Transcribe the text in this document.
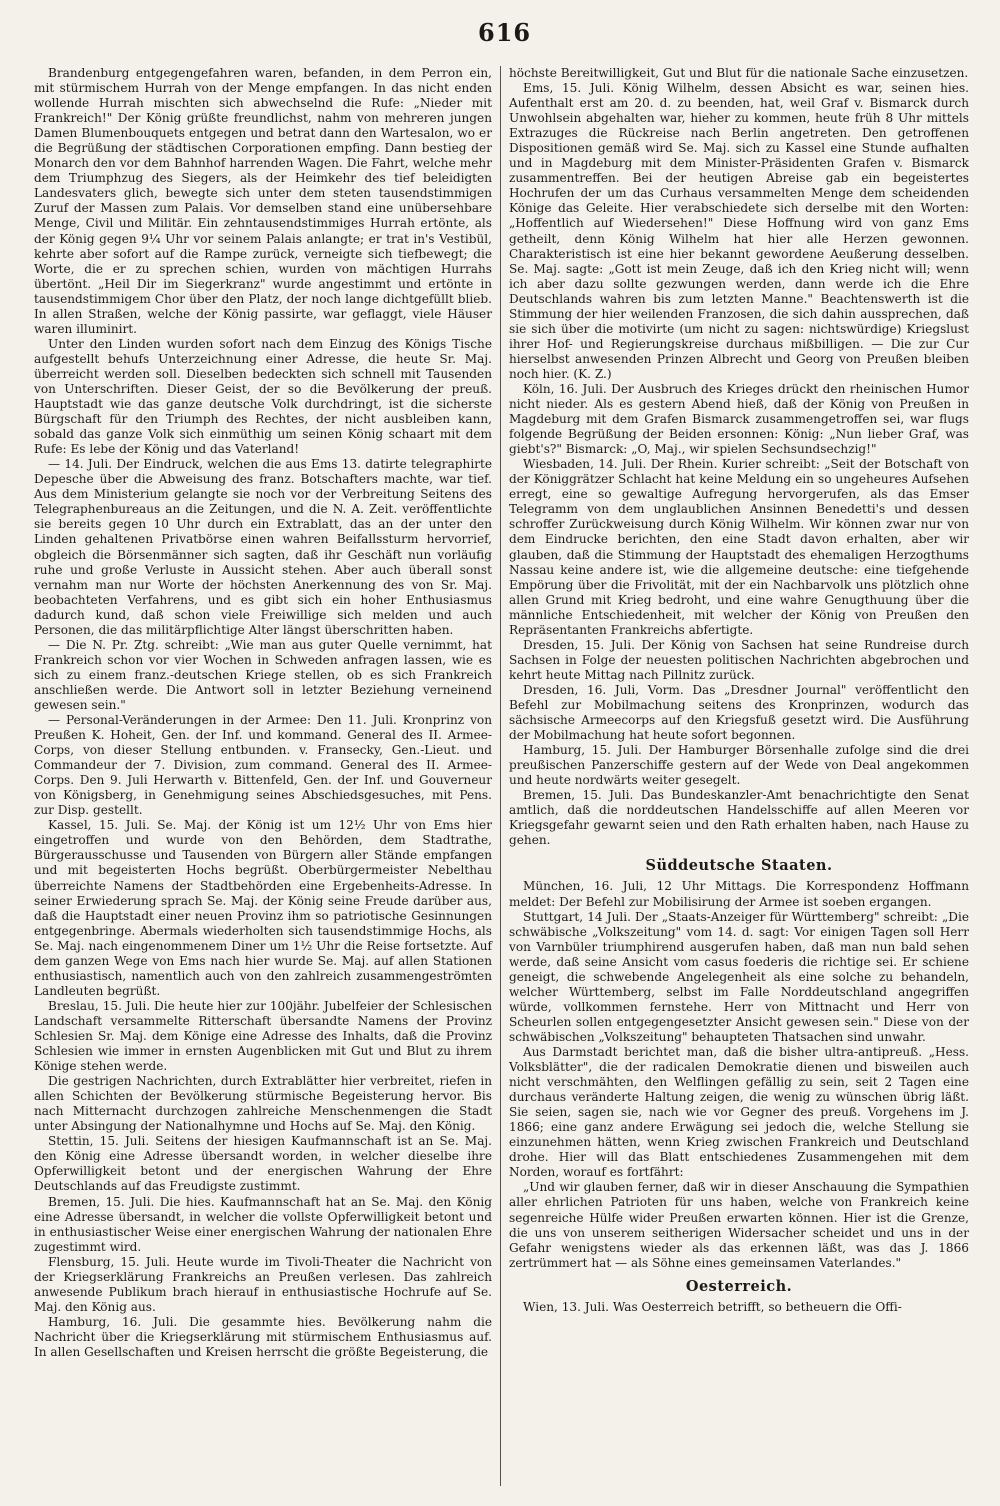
616

Brandenburg entgegengefahren waren, befanden, in dem Perron ein, mit stürmischem Hurrah von der Menge empfangen. In das nicht enden wollende Hurrah mischten sich abwechselnd die Rufe: „Nieder mit Frankreich!" Der König grüßte freundlichst, nahm von mehreren jungen Damen Blumenbouquets entgegen und betrat dann den Wartesalon, wo er die Begrüßung der städtischen Corporationen empfing. Dann bestieg der Monarch den vor dem Bahnhof harrenden Wagen. Die Fahrt, welche mehr dem Triumphzug des Siegers, als der Heimkehr des tief beleidigten Landesvaters glich, bewegte sich unter dem steten tausendstimmigen Zuruf der Massen zum Palais. Vor demselben stand eine unübersehbare Menge, Civil und Militär. Ein zehntausendstimmiges Hurrah ertönte, als der König gegen 9¼ Uhr vor seinem Palais anlangte; er trat in's Vestibül, kehrte aber sofort auf die Rampe zurück, verneigte sich tiefbewegt; die Worte, die er zu sprechen schien, wurden von mächtigen Hurrahs übertönt. „Heil Dir im Siegerkranz" wurde angestimmt und ertönte in tausendstimmigem Chor über den Platz, der noch lange dichtgefüllt blieb. In allen Straßen, welche der König passirte, war geflaggt, viele Häuser waren illuminirt.

Unter den Linden wurden sofort nach dem Einzug des Königs Tische aufgestellt behufs Unterzeichnung einer Adresse, die heute Sr. Maj. überreicht werden soll. Dieselben bedeckten sich schnell mit Tausenden von Unterschriften. Dieser Geist, der so die Bevölkerung der preuß. Hauptstadt wie das ganze deutsche Volk durchdringt, ist die sicherste Bürgschaft für den Triumph des Rechtes, der nicht ausbleiben kann, sobald das ganze Volk sich einmüthig um seinen König schaart mit dem Rufe: Es lebe der König und das Vaterland!

— 14. Juli. Der Eindruck, welchen die aus Ems 13. datirte telegraphirte Depesche über die Abweisung des franz. Botschafters machte, war tief. Aus dem Ministerium gelangte sie noch vor der Verbreitung Seitens des Telegraphenbureaus an die Zeitungen, und die N. A. Zeit. veröffentlichte sie bereits gegen 10 Uhr durch ein Extrablatt, das an der unter den Linden gehaltenen Privatbörse einen wahren Beifallssturm hervorrief, obgleich die Börsenmänner sich sagten, daß ihr Geschäft nun vorläufig ruhe und große Verluste in Aussicht stehen. Aber auch überall sonst vernahm man nur Worte der höchsten Anerkennung des von Sr. Maj. beobachteten Verfahrens, und es gibt sich ein hoher Enthusiasmus dadurch kund, daß schon viele Freiwillige sich melden und auch Personen, die das militärpflichtige Alter längst überschritten haben.

— Die N. Pr. Ztg. schreibt: „Wie man aus guter Quelle vernimmt, hat Frankreich schon vor vier Wochen in Schweden anfragen lassen, wie es sich zu einem franz.-deutschen Kriege stellen, ob es sich Frankreich anschließen werde. Die Antwort soll in letzter Beziehung verneinend gewesen sein."

— Personal-Veränderungen in der Armee: Den 11. Juli. Kronprinz von Preußen K. Hoheit, Gen. der Inf. und kommand. General des II. Armee-Corps, von dieser Stellung entbunden. v. Fransecky, Gen.-Lieut. und Commandeur der 7. Division, zum command. General des II. Armee-Corps. Den 9. Juli Herwarth v. Bittenfeld, Gen. der Inf. und Gouverneur von Königsberg, in Genehmigung seines Abschiedsgesuches, mit Pens. zur Disp. gestellt.

Kassel, 15. Juli. Se. Maj. der König ist um 12½ Uhr von Ems hier eingetroffen und wurde von den Behörden, dem Stadtrathe, Bürgerausschusse und Tausenden von Bürgern aller Stände empfangen und mit begeisterten Hochs begrüßt. Oberbürgermeister Nebelthau überreichte Namens der Stadtbehörden eine Ergebenheits-Adresse. In seiner Erwiederung sprach Se. Maj. der König seine Freude darüber aus, daß die Hauptstadt einer neuen Provinz ihm so patriotische Gesinnungen entgegenbringe. Abermals wiederholten sich tausendstimmige Hochs, als Se. Maj. nach eingenommenem Diner um 1½ Uhr die Reise fortsetzte. Auf dem ganzen Wege von Ems nach hier wurde Se. Maj. auf allen Stationen enthusiastisch, namentlich auch von den zahlreich zusammengeströmten Landleuten begrüßt.

Breslau, 15. Juli. Die heute hier zur 100jähr. Jubelfeier der Schlesischen Landschaft versammelte Ritterschaft übersandte Namens der Provinz Schlesien Sr. Maj. dem Könige eine Adresse des Inhalts, daß die Provinz Schlesien wie immer in ernsten Augenblicken mit Gut und Blut zu ihrem Könige stehen werde.

Die gestrigen Nachrichten, durch Extrablätter hier verbreitet, riefen in allen Schichten der Bevölkerung stürmische Begeisterung hervor. Bis nach Mitternacht durchzogen zahlreiche Menschenmengen die Stadt unter Absingung der Nationalhymne und Hochs auf Se. Maj. den König.

Stettin, 15. Juli. Seitens der hiesigen Kaufmannschaft ist an Se. Maj. den König eine Adresse übersandt worden, in welcher dieselbe ihre Opferwilligkeit betont und der energischen Wahrung der Ehre Deutschlands auf das Freudigste zustimmt.

Bremen, 15. Juli. Die hies. Kaufmannschaft hat an Se. Maj. den König eine Adresse übersandt, in welcher die vollste Opferwilligkeit betont und in enthusiastischer Weise einer energischen Wahrung der nationalen Ehre zugestimmt wird.

Flensburg, 15. Juli. Heute wurde im Tivoli-Theater die Nachricht von der Kriegserklärung Frankreichs an Preußen verlesen. Das zahlreich anwesende Publikum brach hierauf in enthusiastische Hochrufe auf Se. Maj. den König aus.

Hamburg, 16. Juli. Die gesammte hies. Bevölkerung nahm die Nachricht über die Kriegserklärung mit stürmischem Enthusiasmus auf. In allen Gesellschaften und Kreisen herrscht die größte Begeisterung, die

höchste Bereitwilligkeit, Gut und Blut für die nationale Sache einzusetzen.

Ems, 15. Juli. König Wilhelm, dessen Absicht es war, seinen hies. Aufenthalt erst am 20. d. zu beenden, hat, weil Graf v. Bismarck durch Unwohlsein abgehalten war, hieher zu kommen, heute früh 8 Uhr mittels Extrazuges die Rückreise nach Berlin angetreten. Den getroffenen Dispositionen gemäß wird Se. Maj. sich zu Kassel eine Stunde aufhalten und in Magdeburg mit dem Minister-Präsidenten Grafen v. Bismarck zusammentreffen. Bei der heutigen Abreise gab ein begeistertes Hochrufen der um das Curhaus versammelten Menge dem scheidenden Könige das Geleite. Hier verabschiedete sich derselbe mit den Worten: „Hoffentlich auf Wiedersehen!" Diese Hoffnung wird von ganz Ems getheilt, denn König Wilhelm hat hier alle Herzen gewonnen. Charakteristisch ist eine hier bekannt gewordene Aeußerung desselben. Se. Maj. sagte: „Gott ist mein Zeuge, daß ich den Krieg nicht will; wenn ich aber dazu sollte gezwungen werden, dann werde ich die Ehre Deutschlands wahren bis zum letzten Manne." Beachtenswerth ist die Stimmung der hier weilenden Franzosen, die sich dahin aussprechen, daß sie sich über die motivirte (um nicht zu sagen: nichtswürdige) Kriegslust ihrer Hof- und Regierungskreise durchaus mißbilligen. — Die zur Cur hierselbst anwesenden Prinzen Albrecht und Georg von Preußen bleiben noch hier. (K. Z.)

Köln, 16. Juli. Der Ausbruch des Krieges drückt den rheinischen Humor nicht nieder. Als es gestern Abend hieß, daß der König von Preußen in Magdeburg mit dem Grafen Bismarck zusammengetroffen sei, war flugs folgende Begrüßung der Beiden ersonnen: König: „Nun lieber Graf, was giebt's?" Bismarck: „O, Maj., wir spielen Sechsundsechzig!"

Wiesbaden, 14. Juli. Der Rhein. Kurier schreibt: „Seit der Botschaft von der Königgrätzer Schlacht hat keine Meldung ein so ungeheures Aufsehen erregt, eine so gewaltige Aufregung hervorgerufen, als das Emser Telegramm von dem unglaublichen Ansinnen Benedetti's und dessen schroffer Zurückweisung durch König Wilhelm. Wir können zwar nur von dem Eindrucke berichten, den eine Stadt davon erhalten, aber wir glauben, daß die Stimmung der Hauptstadt des ehemaligen Herzogthums Nassau keine andere ist, wie die allgemeine deutsche: eine tiefgehende Empörung über die Frivolität, mit der ein Nachbarvolk uns plötzlich ohne allen Grund mit Krieg bedroht, und eine wahre Genugthuung über die männliche Entschiedenheit, mit welcher der König von Preußen den Repräsentanten Frankreichs abfertigte.

Dresden, 15. Juli. Der König von Sachsen hat seine Rundreise durch Sachsen in Folge der neuesten politischen Nachrichten abgebrochen und kehrt heute Mittag nach Pillnitz zurück.

Dresden, 16. Juli, Vorm. Das „Dresdner Journal" veröffentlicht den Befehl zur Mobilmachung seitens des Kronprinzen, wodurch das sächsische Armeecorps auf den Kriegsfuß gesetzt wird. Die Ausführung der Mobilmachung hat heute sofort begonnen.

Hamburg, 15. Juli. Der Hamburger Börsenhalle zufolge sind die drei preußischen Panzerschiffe gestern auf der Wede von Deal angekommen und heute nordwärts weiter gesegelt.

Bremen, 15. Juli. Das Bundeskanzler-Amt benachrichtigte den Senat amtlich, daß die norddeutschen Handelsschiffe auf allen Meeren vor Kriegsgefahr gewarnt seien und den Rath erhalten haben, nach Hause zu gehen.

Süddeutsche Staaten.

München, 16. Juli, 12 Uhr Mittags. Die Korrespondenz Hoffmann meldet: Der Befehl zur Mobilisirung der Armee ist soeben ergangen.

Stuttgart, 14 Juli. Der „Staats-Anzeiger für Württemberg" schreibt: „Die schwäbische „Volkszeitung" vom 14. d. sagt: Vor einigen Tagen soll Herr von Varnbüler triumphirend ausgerufen haben, daß man nun bald sehen werde, daß seine Ansicht vom casus foederis die richtige sei. Er schiene geneigt, die schwebende Angelegenheit als eine solche zu behandeln, welcher Württemberg, selbst im Falle Norddeutschland angegriffen würde, vollkommen fernstehe. Herr von Mittnacht und Herr von Scheurlen sollen entgegengesetzter Ansicht gewesen sein." Diese von der schwäbischen „Volkszeitung" behaupteten Thatsachen sind unwahr.

Aus Darmstadt berichtet man, daß die bisher ultra-antipreuß. „Hess. Volksblätter", die der radicalen Demokratie dienen und bisweilen auch nicht verschmähten, den Welflingen gefällig zu sein, seit 2 Tagen eine durchaus veränderte Haltung zeigen, die wenig zu wünschen übrig läßt. Sie seien, sagen sie, nach wie vor Gegner des preuß. Vorgehens im J. 1866; eine ganz andere Erwägung sei jedoch die, welche Stellung sie einzunehmen hätten, wenn Krieg zwischen Frankreich und Deutschland drohe. Hier will das Blatt entschiedenes Zusammengehen mit dem Norden, worauf es fortfährt:

„Und wir glauben ferner, daß wir in dieser Anschauung die Sympathien aller ehrlichen Patrioten für uns haben, welche von Frankreich keine segenreiche Hülfe wider Preußen erwarten können. Hier ist die Grenze, die uns von unserem seitherigen Widersacher scheidet und uns in der Gefahr wenigstens wieder als das erkennen läßt, was das J. 1866 zertrümmert hat — als Söhne eines gemeinsamen Vaterlandes."

Oesterreich.

Wien, 13. Juli. Was Oesterreich betrifft, so betheuern die Offi-
